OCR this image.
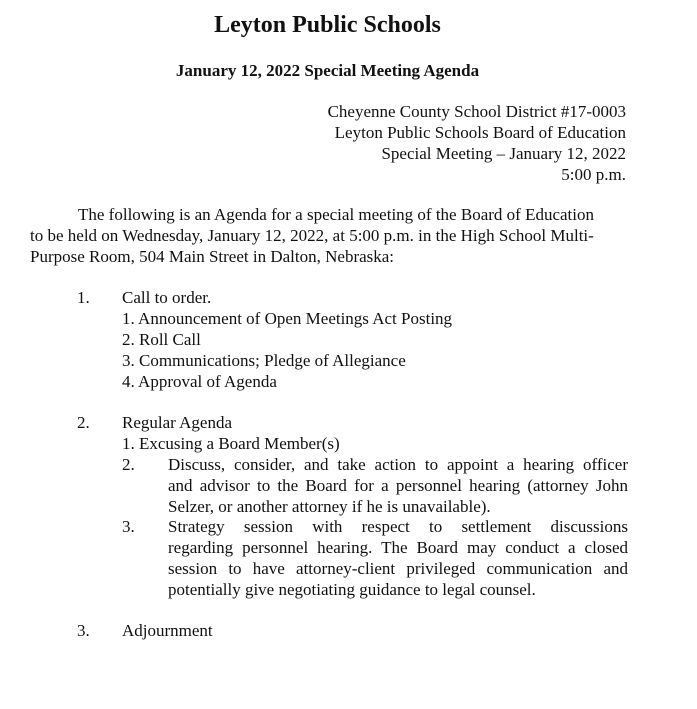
Leyton Public Schools
January 12, 2022 Special Meeting Agenda
Cheyenne County School District #17-0003
Leyton Public Schools Board of Education
Special Meeting – January 12, 2022
5:00 p.m.
The following is an Agenda for a special meeting of the Board of Education
to be held on Wednesday, January 12, 2022, at 5:00 p.m. in the High School Multi-
Purpose Room, 504 Main Street in Dalton, Nebraska:
1. Call to order.
1. Announcement of Open Meetings Act Posting
2. Roll Call
3. Communications; Pledge of Allegiance
4. Approval of Agenda
2. Regular Agenda
1. Excusing a Board Member(s)
2. Discuss, consider, and take action to appoint a hearing officer
and advisor to the Board for a personnel hearing (attorney John
Selzer, or another attorney if he is unavailable).
3. Strategy session with respect to settlement discussions
regarding personnel hearing. The Board may conduct a closed
session to have attorney-client privileged communication and
potentially give negotiating guidance to legal counsel.
3. Adjournment
